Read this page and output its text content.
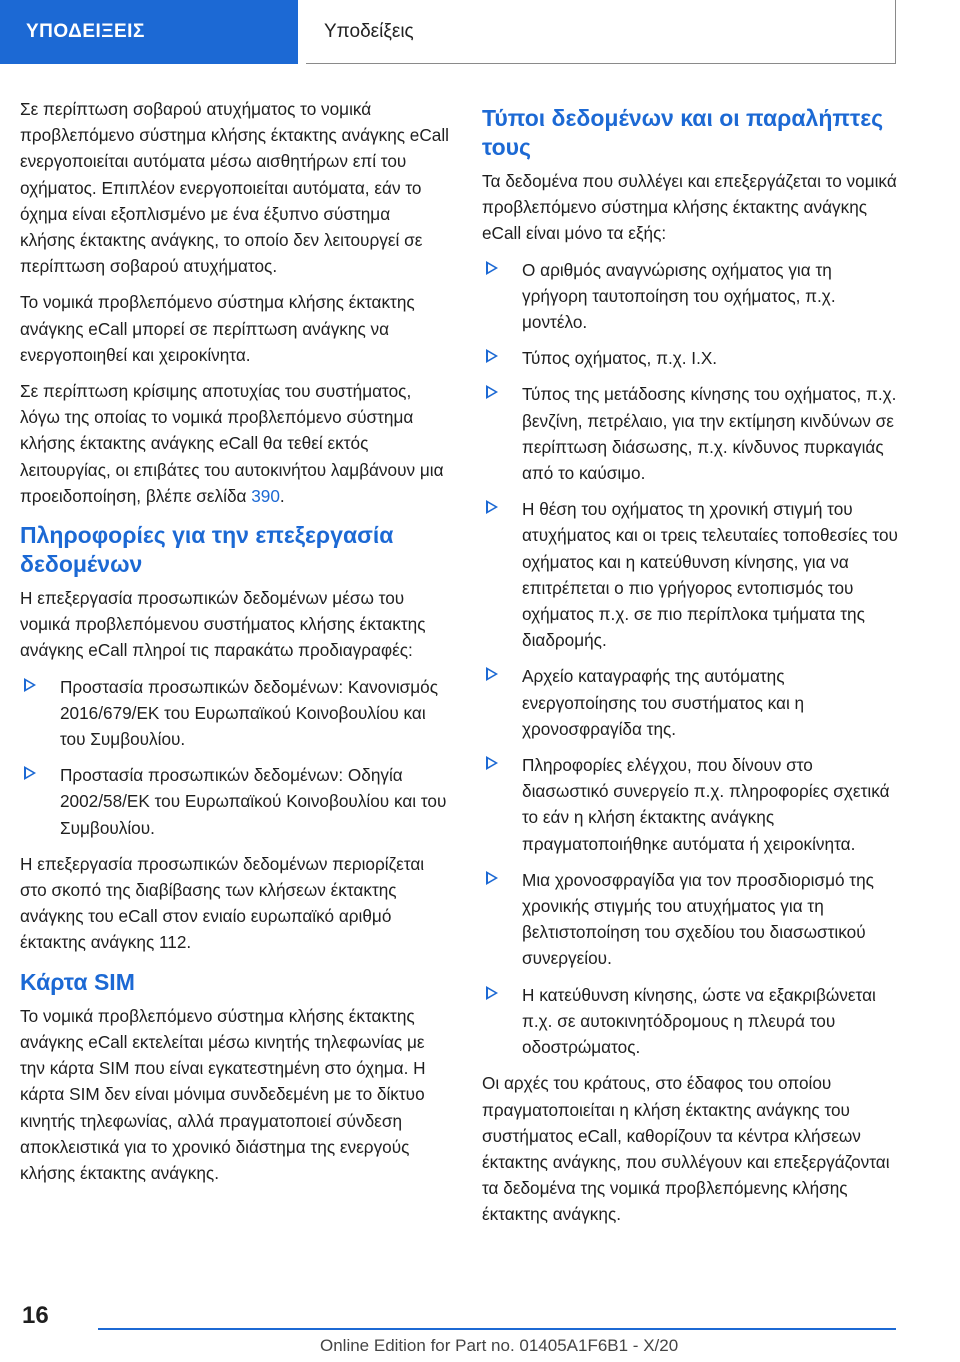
ΥΠΟΔΕΙΞΕΙΣ	Υποδείξεις

Σε περίπτωση σοβαρού ατυχήματος το νομικά προβλεπόμενο σύστημα κλήσης έκτακτης ανάγκης eCall ενεργοποιείται αυτόματα μέσω αισθητήρων επί του οχήματος. Επιπλέον ενεργοποιείται αυτόματα, εάν το όχημα είναι εξοπλισμένο με ένα έξυπνο σύστημα κλήσης έκτακτης ανάγκης, το οποίο δεν λειτουργεί σε περίπτωση σοβαρού ατυχήματος.

Το νομικά προβλεπόμενο σύστημα κλήσης έκτακτης ανάγκης eCall μπορεί σε περίπτωση ανάγκης να ενεργοποιηθεί και χειροκίνητα.

Σε περίπτωση κρίσιμης αποτυχίας του συστήματος, λόγω της οποίας το νομικά προβλεπόμενο σύστημα κλήσης έκτακτης ανάγκης eCall θα τεθεί εκτός λειτουργίας, οι επιβάτες του αυτοκινήτου λαμβάνουν μια προειδοποίηση, βλέπε σελίδα 390.

Πληροφορίες για την επεξεργασία δεδομένων

Η επεξεργασία προσωπικών δεδομένων μέσω του νομικά προβλεπόμενου συστήματος κλήσης έκτακτης ανάγκης eCall πληροί τις παρακάτω προδιαγραφές:

Προστασία προσωπικών δεδομένων: Κανονισμός 2016/679/ΕΚ του Ευρωπαϊκού Κοινοβουλίου και του Συμβουλίου.
Προστασία προσωπικών δεδομένων: Οδηγία 2002/58/ΕΚ του Ευρωπαϊκού Κοινοβουλίου και του Συμβουλίου.

Η επεξεργασία προσωπικών δεδομένων περιορίζεται στο σκοπό της διαβίβασης των κλήσεων έκτακτης ανάγκης του eCall στον ενιαίο ευρωπαϊκό αριθμό έκτακτης ανάγκης 112.

Κάρτα SIM

Το νομικά προβλεπόμενο σύστημα κλήσης έκτακτης ανάγκης eCall εκτελείται μέσω κινητής τηλεφωνίας με την κάρτα SIM που είναι εγκατεστημένη στο όχημα. Η κάρτα SIM δεν είναι μόνιμα συνδεδεμένη με το δίκτυο κινητής τηλεφωνίας, αλλά πραγματοποιεί σύνδεση αποκλειστικά για το χρονικό διάστημα της ενεργούς κλήσης έκτακτης ανάγκης.

Τύποι δεδομένων και οι παραλήπτες τους

Τα δεδομένα που συλλέγει και επεξεργάζεται το νομικά προβλεπόμενο σύστημα κλήσης έκτακτης ανάγκης eCall είναι μόνο τα εξής:

Ο αριθμός αναγνώρισης οχήματος για τη γρήγορη ταυτοποίηση του οχήματος, π.χ. μοντέλο.
Τύπος οχήματος, π.χ. Ι.Χ.
Τύπος της μετάδοσης κίνησης του οχήματος, π.χ. βενζίνη, πετρέλαιο, για την εκτίμηση κινδύνων σε περίπτωση διάσωσης, π.χ. κίνδυνος πυρκαγιάς από το καύσιμο.
Η θέση του οχήματος τη χρονική στιγμή του ατυχήματος και οι τρεις τελευταίες τοποθεσίες του οχήματος και η κατεύθυνση κίνησης, για να επιτρέπεται ο πιο γρήγορος εντοπισμός του οχήματος π.χ. σε πιο περίπλοκα τμήματα της διαδρομής.
Αρχείο καταγραφής της αυτόματης ενεργοποίησης του συστήματος και η χρονοσφραγίδα της.
Πληροφορίες ελέγχου, που δίνουν στο διασωστικό συνεργείο π.χ. πληροφορίες σχετικά το εάν η κλήση έκτακτης ανάγκης πραγματοποιήθηκε αυτόματα ή χειροκίνητα.
Μια χρονοσφραγίδα για τον προσδιορισμό της χρονικής στιγμής του ατυχήματος για τη βελτιστοποίηση του σχεδίου του διασωστικού συνεργείου.
Η κατεύθυνση κίνησης, ώστε να εξακριβώνεται π.χ. σε αυτοκινητόδρομους η πλευρά του οδοστρώματος.

Οι αρχές του κράτους, στο έδαφος του οποίου πραγματοποιείται η κλήση έκτακτης ανάγκης του συστήματος eCall, καθορίζουν τα κέντρα κλήσεων έκτακτης ανάγκης, που συλλέγουν και επεξεργάζονται τα δεδομένα της νομικά προβλεπόμενης κλήσης έκτακτης ανάγκης.

16
Online Edition for Part no. 01405A1F6B1 - X/20
